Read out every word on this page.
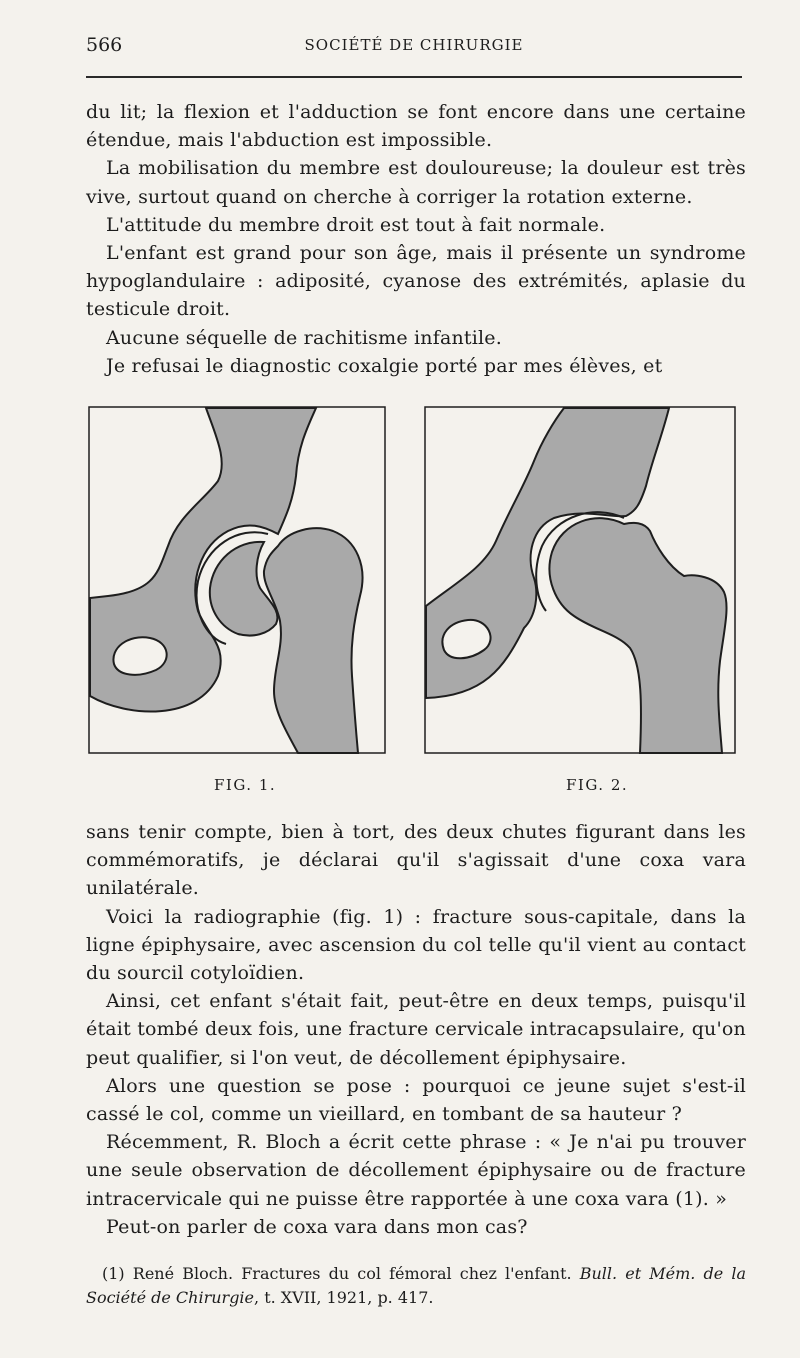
566	SOCIÉTÉ DE CHIRURGIE

du lit; la flexion et l'adduction se font encore dans une certaine étendue, mais l'abduction est impossible.

La mobilisation du membre est douloureuse; la douleur est très vive, surtout quand on cherche à corriger la rotation externe.

L'attitude du membre droit est tout à fait normale.

L'enfant est grand pour son âge, mais il présente un syndrome hypoglandulaire : adiposité, cyanose des extrémités, aplasie du testicule droit.

Aucune séquelle de rachitisme infantile.

Je refusai le diagnostic coxalgie porté par mes élèves, et

FIG. 1.	FIG. 2.

sans tenir compte, bien à tort, des deux chutes figurant dans les commémoratifs, je déclarai qu'il s'agissait d'une coxa vara unilatérale.

Voici la radiographie (fig. 1) : fracture sous-capitale, dans la ligne épiphysaire, avec ascension du col telle qu'il vient au contact du sourcil cotyloïdien.

Ainsi, cet enfant s'était fait, peut-être en deux temps, puisqu'il était tombé deux fois, une fracture cervicale intracapsulaire, qu'on peut qualifier, si l'on veut, de décollement épiphysaire.

Alors une question se pose : pourquoi ce jeune sujet s'est-il cassé le col, comme un vieillard, en tombant de sa hauteur ?

Récemment, R. Bloch a écrit cette phrase : « Je n'ai pu trouver une seule observation de décollement épiphysaire ou de fracture intracervicale qui ne puisse être rapportée à une coxa vara (1). »

Peut-on parler de coxa vara dans mon cas?

(1) René Bloch. Fractures du col fémoral chez l'enfant. Bull. et Mém. de la Société de Chirurgie, t. XVII, 1921, p. 417.
